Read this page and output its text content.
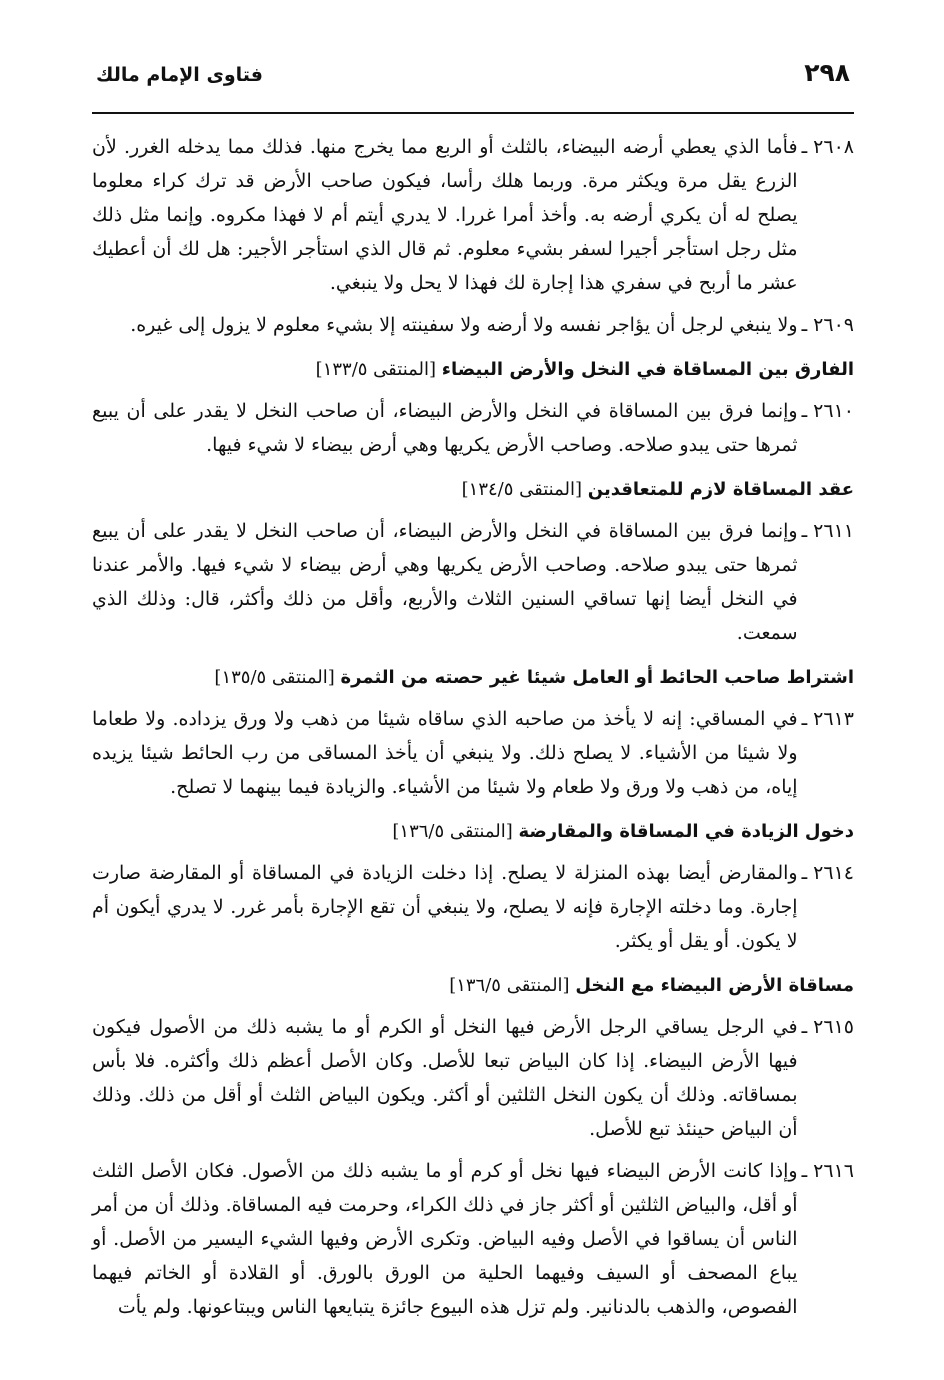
٢٩٨
فتاوى الإمام مالك
٢٦٠٨ ـ
فأما الذي يعطي أرضه البيضاء، بالثلث أو الربع مما يخرج منها. فذلك مما يدخله الغرر. لأن الزرع يقل مرة ويكثر مرة. وربما هلك رأسا، فيكون صاحب الأرض قد ترك كراء معلوما يصلح له أن يكري أرضه به. وأخذ أمرا غررا. لا يدري أيتم أم لا فهذا مكروه. وإنما مثل ذلك مثل رجل استأجر أجيرا لسفر بشيء معلوم. ثم قال الذي استأجر الأجير: هل لك أن أعطيك عشر ما أربح في سفري هذا إجارة لك فهذا لا يحل ولا ينبغي.
٢٦٠٩ ـ
ولا ينبغي لرجل أن يؤاجر نفسه ولا أرضه ولا سفينته إلا بشيء معلوم لا يزول إلى غيره.
الفارق بين المساقاة في النخل والأرض البيضاء [المنتقى ١٣٣/٥]
٢٦١٠ ـ
وإنما فرق بين المساقاة في النخل والأرض البيضاء، أن صاحب النخل لا يقدر على أن يبيع ثمرها حتى يبدو صلاحه. وصاحب الأرض يكريها وهي أرض بيضاء لا شيء فيها.
عقد المساقاة لازم للمتعاقدين [المنتقى ١٣٤/٥]
٢٦١١ ـ
وإنما فرق بين المساقاة في النخل والأرض البيضاء، أن صاحب النخل لا يقدر على أن يبيع ثمرها حتى يبدو صلاحه. وصاحب الأرض يكريها وهي أرض بيضاء لا شيء فيها. والأمر عندنا في النخل أيضا إنها تساقي السنين الثلاث والأربع، وأقل من ذلك وأكثر، قال: وذلك الذي سمعت.
اشتراط صاحب الحائط أو العامل شيئا غير حصته من الثمرة [المنتقى ١٣٥/٥]
٢٦١٣ ـ
في المساقي: إنه لا يأخذ من صاحبه الذي ساقاه شيئا من ذهب ولا ورق يزداده. ولا طعاما ولا شيئا من الأشياء. لا يصلح ذلك. ولا ينبغي أن يأخذ المساقى من رب الحائط شيئا يزيده إياه، من ذهب ولا ورق ولا طعام ولا شيئا من الأشياء. والزيادة فيما بينهما لا تصلح.
دخول الزيادة في المساقاة والمقارضة [المنتقى ١٣٦/٥]
٢٦١٤ ـ
والمقارض أيضا بهذه المنزلة لا يصلح. إذا دخلت الزيادة في المساقاة أو المقارضة صارت إجارة. وما دخلته الإجارة فإنه لا يصلح، ولا ينبغي أن تقع الإجارة بأمر غرر. لا يدري أيكون أم لا يكون. أو يقل أو يكثر.
مساقاة الأرض البيضاء مع النخل [المنتقى ١٣٦/٥]
٢٦١٥ ـ
في الرجل يساقي الرجل الأرض فيها النخل أو الكرم أو ما يشبه ذلك من الأصول فيكون فيها الأرض البيضاء. إذا كان البياض تبعا للأصل. وكان الأصل أعظم ذلك وأكثره. فلا بأس بمساقاته. وذلك أن يكون النخل الثلثين أو أكثر. ويكون البياض الثلث أو أقل من ذلك. وذلك أن البياض حينئذ تبع للأصل.
٢٦١٦ ـ
وإذا كانت الأرض البيضاء فيها نخل أو كرم أو ما يشبه ذلك من الأصول. فكان الأصل الثلث أو أقل، والبياض الثلثين أو أكثر جاز في ذلك الكراء، وحرمت فيه المساقاة. وذلك أن من أمر الناس أن يساقوا في الأصل وفيه البياض. وتكرى الأرض وفيها الشيء اليسير من الأصل. أو يباع المصحف أو السيف وفيهما الحلية من الورق بالورق. أو القلادة أو الخاتم فيهما الفصوص، والذهب بالدنانير. ولم تزل هذه البيوع جائزة يتبايعها الناس ويبتاعونها. ولم يأت
